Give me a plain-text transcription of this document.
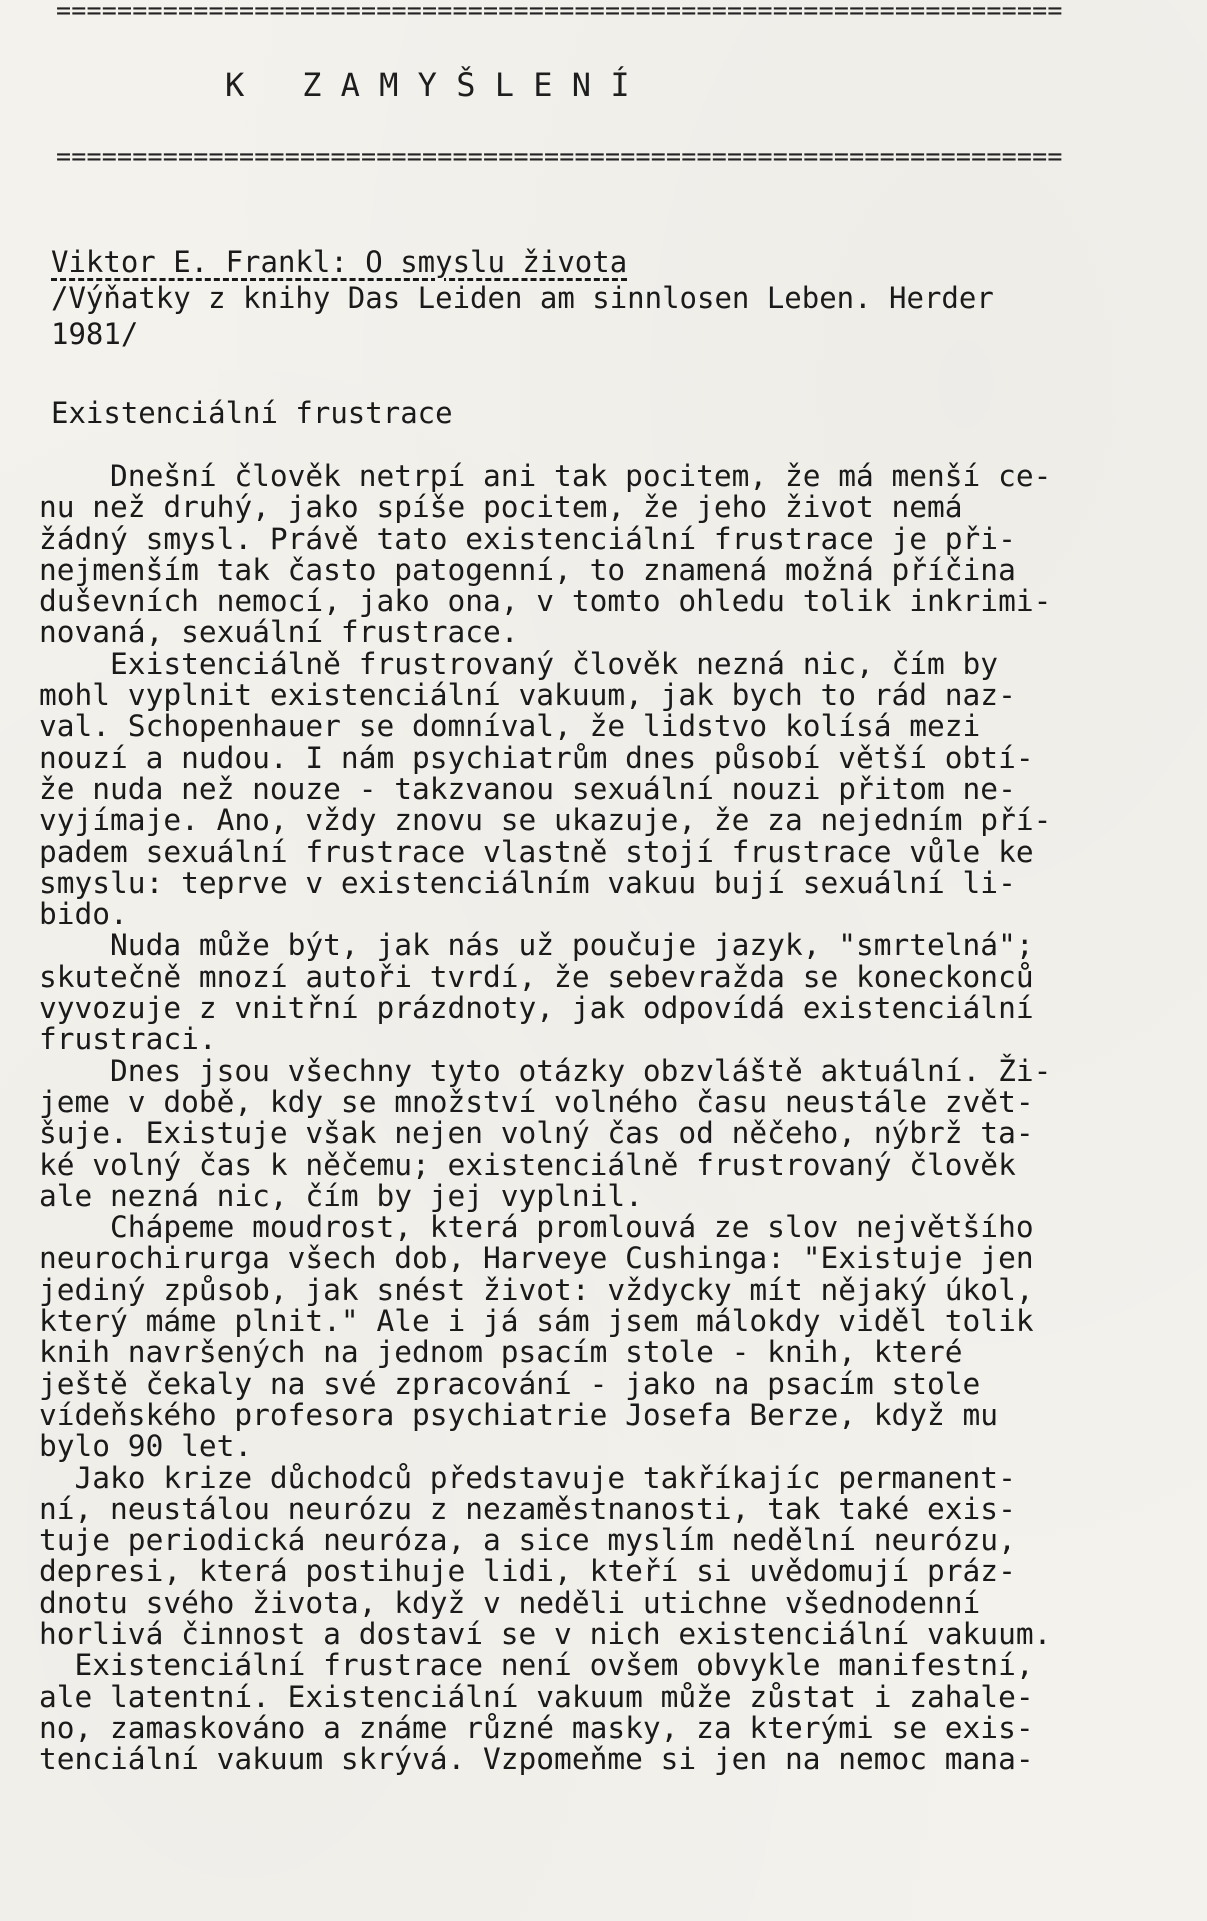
==================================================================
K   Z A M Y Š L E N Í
==================================================================
Viktor E. Frankl: O smyslu života
/Výňatky z knihy Das Leiden am sinnlosen Leben. Herder
1981/
Existenciální frustrace
Dnešní člověk netrpí ani tak pocitem, že má menší ce-
nu než druhý, jako spíše pocitem, že jeho život nemá
žádný smysl. Právě tato existenciální frustrace je při-
nejmenším tak často patogenní, to znamená možná příčina
duševních nemocí, jako ona, v tomto ohledu tolik inkrimi-
novaná, sexuální frustrace.
Existenciálně frustrovaný člověk nezná nic, čím by
mohl vyplnit existenciální vakuum, jak bych to rád naz-
val. Schopenhauer se domníval, že lidstvo kolísá mezi
nouzí a nudou. I nám psychiatrům dnes působí větší obtí-
že nuda než nouze - takzvanou sexuální nouzi přitom ne-
vyjímaje. Ano, vždy znovu se ukazuje, že za nejedním pří-
padem sexuální frustrace vlastně stojí frustrace vůle ke
smyslu: teprve v existenciálním vakuu bují sexuální li-
bido.
Nuda může být, jak nás už poučuje jazyk, "smrtelná";
skutečně mnozí autoři tvrdí, že sebevražda se koneckonců
vyvozuje z vnitřní prázdnoty, jak odpovídá existenciální
frustraci.
Dnes jsou všechny tyto otázky obzvláště aktuální. Ži-
jeme v době, kdy se množství volného času neustále zvět-
šuje. Existuje však nejen volný čas od něčeho, nýbrž ta-
ké volný čas k něčemu; existenciálně frustrovaný člověk
ale nezná nic, čím by jej vyplnil.
Chápeme moudrost, která promlouvá ze slov největšího
neurochirurga všech dob, Harveye Cushinga: "Existuje jen
jediný způsob, jak snést život: vždycky mít nějaký úkol,
který máme plnit." Ale i já sám jsem málokdy viděl tolik
knih navršených na jednom psacím stole - knih, které
ještě čekaly na své zpracování - jako na psacím stole
vídeňského profesora psychiatrie Josefa Berze, když mu
bylo 90 let.
Jako krize důchodců představuje takříkajíc permanent-
ní, neustálou neurózu z nezaměstnanosti, tak také exis-
tuje periodická neuróza, a sice myslím nedělní neurózu,
depresi, která postihuje lidi, kteří si uvědomují práz-
dnotu svého života, když v neděli utichne všednodenní
horlivá činnost a dostaví se v nich existenciální vakuum.
Existenciální frustrace není ovšem obvykle manifestní,
ale latentní. Existenciální vakuum může zůstat i zahale-
no, zamaskováno a známe různé masky, za kterými se exis-
tenciální vakuum skrývá. Vzpomeňme si jen na nemoc mana-
